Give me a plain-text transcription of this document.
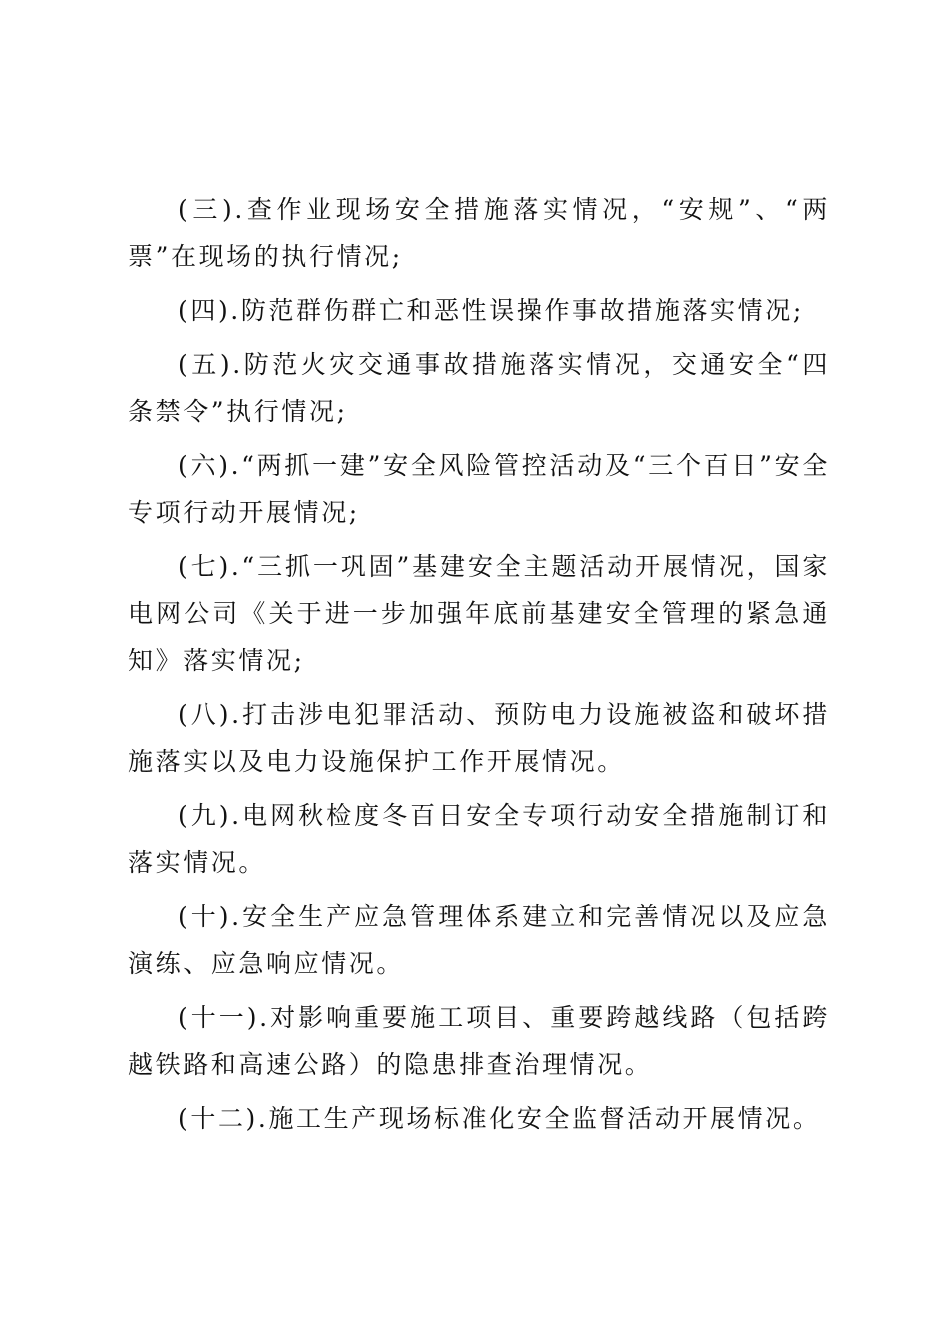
(三).查作业现场安全措施落实情况，“安规”、“两票”在现场的执行情况;

(四).防范群伤群亡和恶性误操作事故措施落实情况;

(五).防范火灾交通事故措施落实情况，交通安全“四条禁令”执行情况;

(六).“两抓一建”安全风险管控活动及“三个百日”安全专项行动开展情况;

(七).“三抓一巩固”基建安全主题活动开展情况，国家电网公司《关于进一步加强年底前基建安全管理的紧急通知》落实情况;

(八).打击涉电犯罪活动、预防电力设施被盗和破坏措施落实以及电力设施保护工作开展情况。

(九).电网秋检度冬百日安全专项行动安全措施制订和落实情况。

(十).安全生产应急管理体系建立和完善情况以及应急演练、应急响应情况。

(十一).对影响重要施工项目、重要跨越线路（包括跨越铁路和高速公路）的隐患排查治理情况。

(十二).施工生产现场标准化安全监督活动开展情况。
